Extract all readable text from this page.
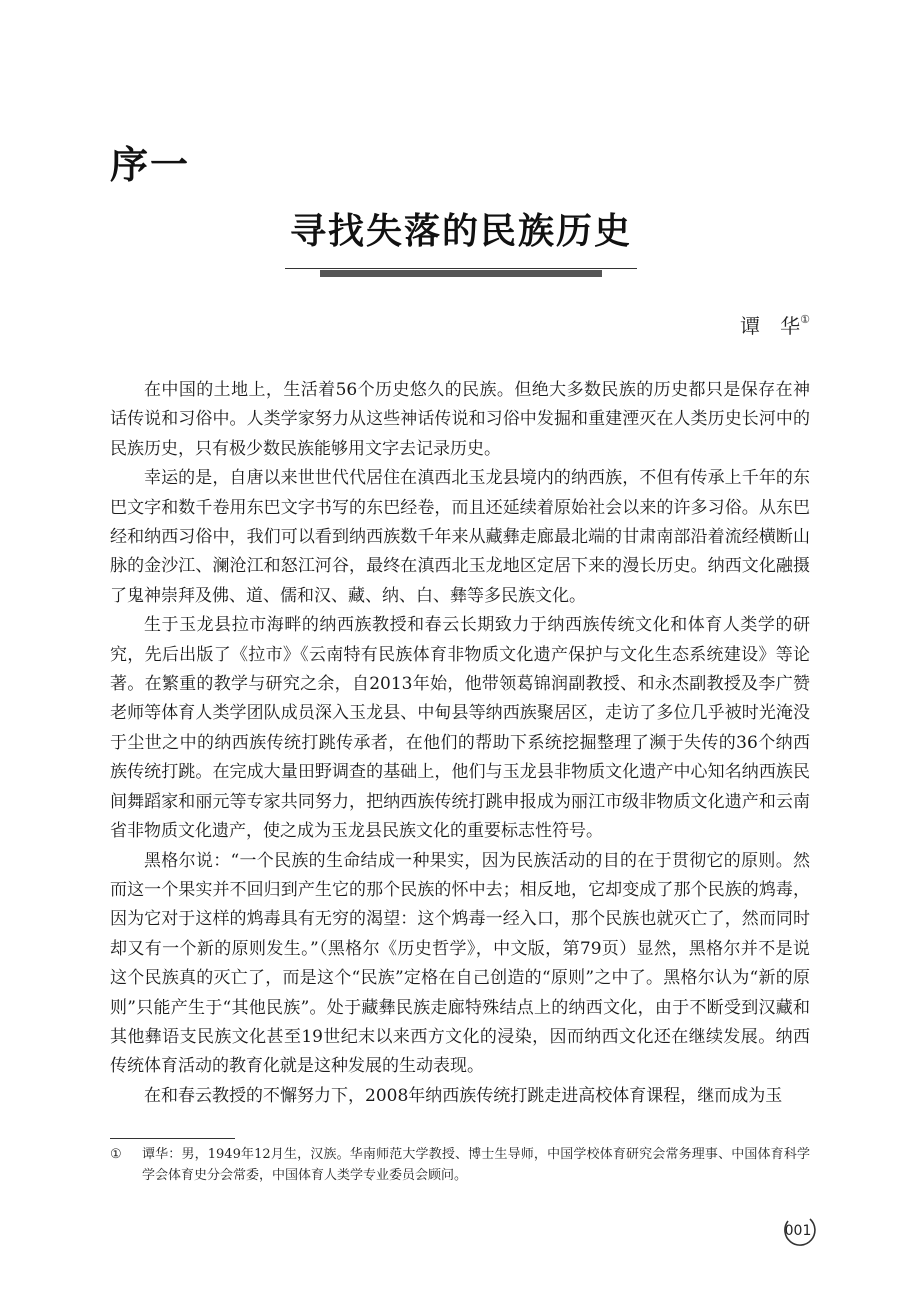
序一
寻找失落的民族历史
谭　华①

在中国的土地上，生活着56个历史悠久的民族。但绝大多数民族的历史都只是保存在神话传说和习俗中。人类学家努力从这些神话传说和习俗中发掘和重建湮灭在人类历史长河中的民族历史，只有极少数民族能够用文字去记录历史。

幸运的是，自唐以来世世代代居住在滇西北玉龙县境内的纳西族，不但有传承上千年的东巴文字和数千卷用东巴文字书写的东巴经卷，而且还延续着原始社会以来的许多习俗。从东巴经和纳西习俗中，我们可以看到纳西族数千年来从藏彝走廊最北端的甘肃南部沿着流经横断山脉的金沙江、澜沧江和怒江河谷，最终在滇西北玉龙地区定居下来的漫长历史。纳西文化融摄了鬼神崇拜及佛、道、儒和汉、藏、纳、白、彝等多民族文化。

生于玉龙县拉市海畔的纳西族教授和春云长期致力于纳西族传统文化和体育人类学的研究，先后出版了《拉市》《云南特有民族体育非物质文化遗产保护与文化生态系统建设》等论著。在繁重的教学与研究之余，自2013年始，他带领葛锦润副教授、和永杰副教授及李广赞老师等体育人类学团队成员深入玉龙县、中甸县等纳西族聚居区，走访了多位几乎被时光淹没于尘世之中的纳西族传统打跳传承者，在他们的帮助下系统挖掘整理了濒于失传的36个纳西族传统打跳。在完成大量田野调查的基础上，他们与玉龙县非物质文化遗产中心知名纳西族民间舞蹈家和丽元等专家共同努力，把纳西族传统打跳申报成为丽江市级非物质文化遗产和云南省非物质文化遗产，使之成为玉龙县民族文化的重要标志性符号。

黑格尔说：“一个民族的生命结成一种果实，因为民族活动的目的在于贯彻它的原则。然而这一个果实并不回归到产生它的那个民族的怀中去；相反地，它却变成了那个民族的鸩毒，因为它对于这样的鸩毒具有无穷的渴望：这个鸩毒一经入口，那个民族也就灭亡了，然而同时却又有一个新的原则发生。”（黑格尔《历史哲学》，中文版，第79页）显然，黑格尔并不是说这个民族真的灭亡了，而是这个“民族”定格在自己创造的“原则”之中了。黑格尔认为“新的原则”只能产生于“其他民族”。处于藏彝民族走廊特殊结点上的纳西文化，由于不断受到汉藏和其他彝语支民族文化甚至19世纪末以来西方文化的浸染，因而纳西文化还在继续发展。纳西传统体育活动的教育化就是这种发展的生动表现。

在和春云教授的不懈努力下，2008年纳西族传统打跳走进高校体育课程，继而成为玉

① 谭华：男，1949年12月生，汉族。华南师范大学教授、博士生导师，中国学校体育研究会常务理事、中国体育科学学会体育史分会常委，中国体育人类学专业委员会顾问。
001
